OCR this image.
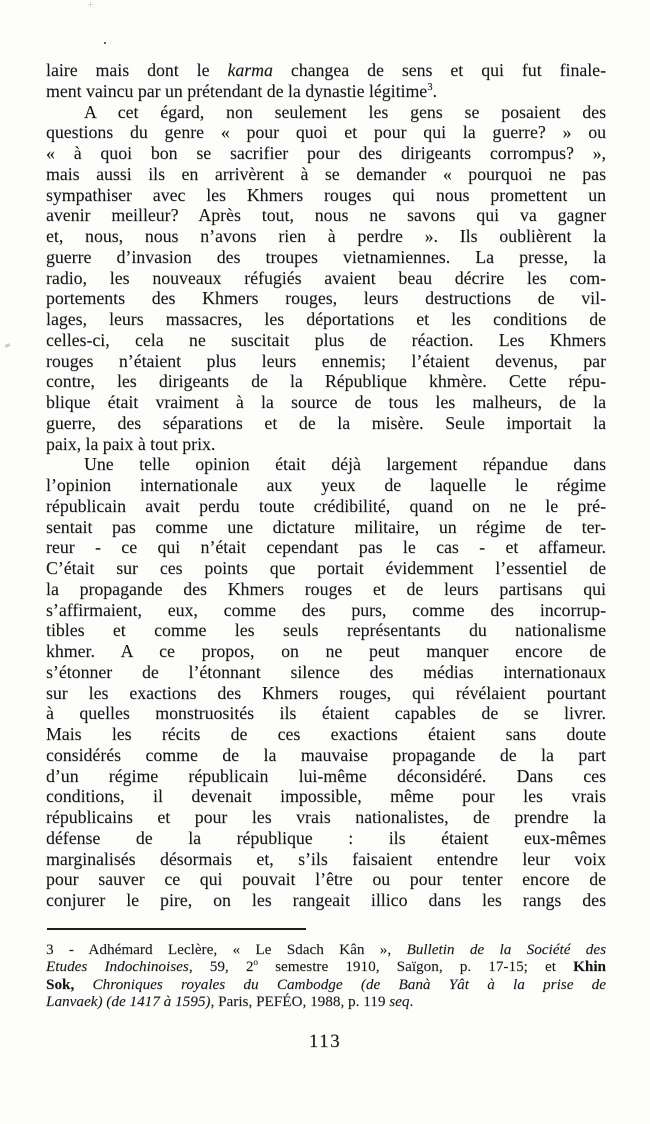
laire mais dont le karma changea de sens et qui fut finale-
ment vaincu par un prétendant de la dynastie légitime$^3$.
A cet égard, non seulement les gens se posaient des
questions du genre « pour quoi et pour qui la guerre? » ou
« à quoi bon se sacrifier pour des dirigeants corrompus? »,
mais aussi ils en arrivèrent à se demander « pourquoi ne pas
sympathiser avec les Khmers rouges qui nous promettent un
avenir meilleur? Après tout, nous ne savons qui va gagner
et, nous, nous n’avons rien à perdre ». Ils oublièrent la
guerre d’invasion des troupes vietnamiennes. La presse, la
radio, les nouveaux réfugiés avaient beau décrire les com-
portements des Khmers rouges, leurs destructions de vil-
lages, leurs massacres, les déportations et les conditions de
celles-ci, cela ne suscitait plus de réaction. Les Khmers
rouges n’étaient plus leurs ennemis; l’étaient devenus, par
contre, les dirigeants de la République khmère. Cette répu-
blique était vraiment à la source de tous les malheurs, de la
guerre, des séparations et de la misère. Seule importait la
paix, la paix à tout prix.
Une telle opinion était déjà largement répandue dans
l’opinion internationale aux yeux de laquelle le régime
républicain avait perdu toute crédibilité, quand on ne le pré-
sentait pas comme une dictature militaire, un régime de ter-
reur - ce qui n’était cependant pas le cas - et affameur.
C’était sur ces points que portait évidemment l’essentiel de
la propagande des Khmers rouges et de leurs partisans qui
s’affirmaient, eux, comme des purs, comme des incorrup-
tibles et comme les seuls représentants du nationalisme
khmer. A ce propos, on ne peut manquer encore de
s’étonner de l’étonnant silence des médias internationaux
sur les exactions des Khmers rouges, qui révélaient pourtant
à quelles monstruosités ils étaient capables de se livrer.
Mais les récits de ces exactions étaient sans doute
considérés comme de la mauvaise propagande de la part
d’un régime républicain lui-même déconsidéré. Dans ces
conditions, il devenait impossible, même pour les vrais
républicains et pour les vrais nationalistes, de prendre la
défense de la république : ils étaient eux-mêmes
marginalisés désormais et, s’ils faisaient entendre leur voix
pour sauver ce qui pouvait l’être ou pour tenter encore de
conjurer le pire, on les rangeait illico dans les rangs des
3 - Adhémard Leclère, « Le Sdach Kân », Bulletin de la Société des
Etudes Indochinoises, 59, 2$^o$ semestre 1910, Saïgon, p. 17-15; et Khin
Sok, Chroniques royales du Cambodge (de Banà Yât à la prise de
Lanvaek) (de 1417 à 1595), Paris, PEFÉO, 1988, p. 119 seq.
113
